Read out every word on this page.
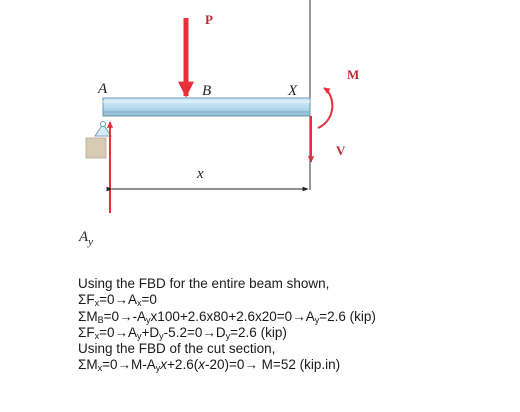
P
A	B	X
M
V
x
$A_y$
Using the FBD for the entire beam shown,
$\Sigma F_x=0\to A_x=0$
$\Sigma M_B=0\to-A_yx100+2.6x80+2.6x20=0\to A_y=2.6$ (kip)
$\Sigma F_x=0\to A_y+D_y-5.2=0\to D_y=2.6$ (kip)
Using the FBD of the cut section,
$\Sigma M_x=0\to M-A_yx+2.6(x-20)=0\to M=52$ (kip.in)
